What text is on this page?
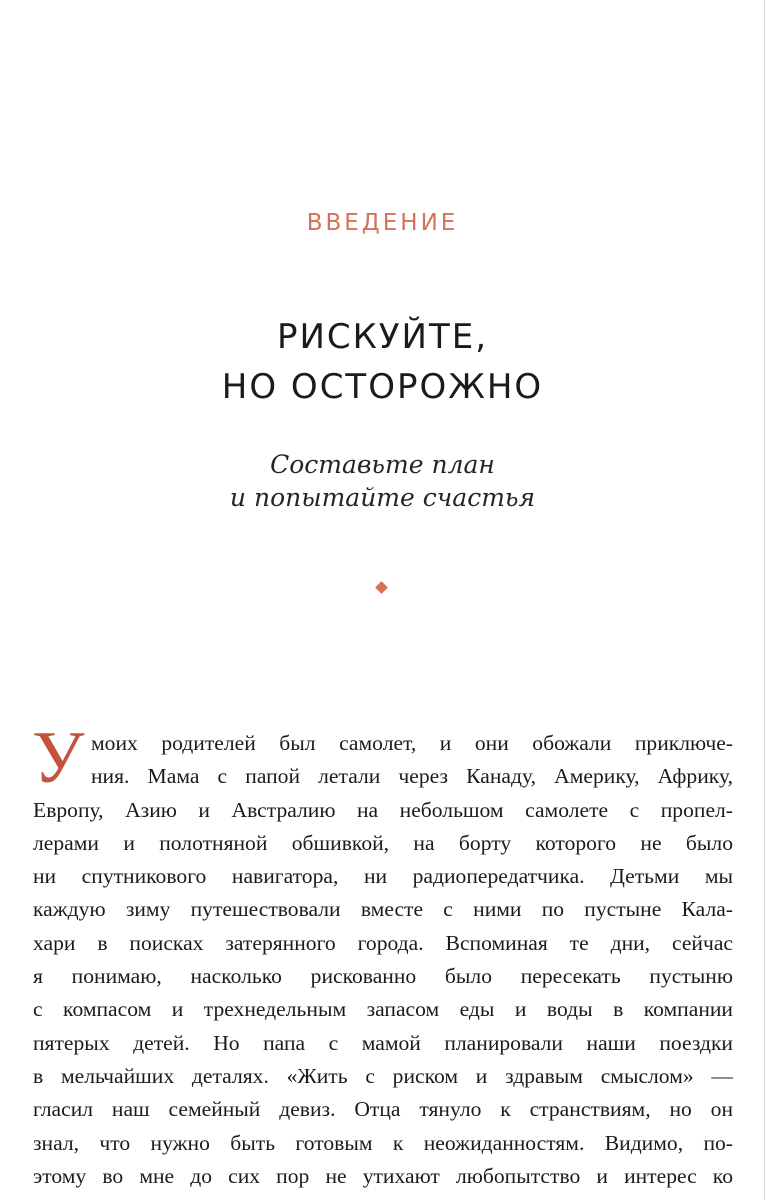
ВВЕДЕНИЕ
РИСКУЙТЕ,
НО ОСТОРОЖНО
Составьте план
и попытайте счастья
У моих родителей был самолет, и они обожали приключе-
ния. Мама с папой летали через Канаду, Америку, Африку,
Европу, Азию и Австралию на небольшом самолете с пропел-
лерами и полотняной обшивкой, на борту которого не было
ни спутникового навигатора, ни радиопередатчика. Детьми мы
каждую зиму путешествовали вместе с ними по пустыне Кала-
хари в поисках затерянного города. Вспоминая те дни, сейчас
я понимаю, насколько рискованно было пересекать пустыню
с компасом и трехнедельным запасом еды и воды в компании
пятерых детей. Но папа с мамой планировали наши поездки
в мельчайших деталях. «Жить с риском и здравым смыслом» —
гласил наш семейный девиз. Отца тянуло к странствиям, но он
знал, что нужно быть готовым к неожиданностям. Видимо, по-
этому во мне до сих пор не утихают любопытство и интерес ко
